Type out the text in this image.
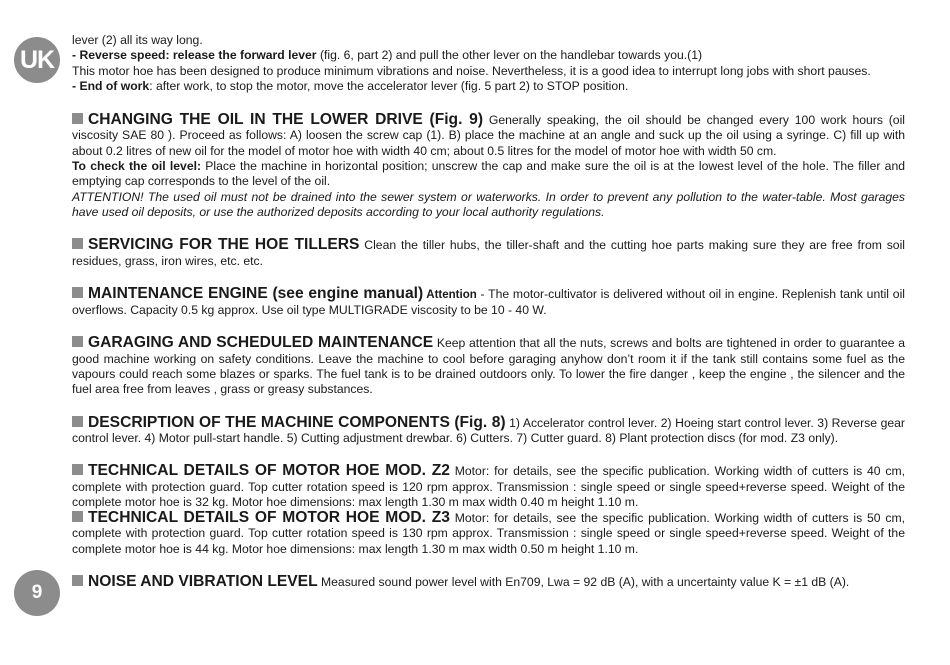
UK
9

lever (2) all its way long.

- Reverse speed: release the forward lever (fig. 6, part 2) and pull the other lever on the handlebar towards you.(1)

This motor hoe has been designed to produce minimum vibrations and noise. Nevertheless, it is a good idea to interrupt long jobs with short pauses.

- End of work: after work, to stop the motor, move the accelerator lever (fig. 5 part 2) to STOP position.

CHANGING THE OIL IN THE LOWER DRIVE (Fig. 9) Generally speaking, the oil should be changed every 100 work hours (oil viscosity SAE 80 ). Proceed as follows: A) loosen the screw cap (1). B) place the machine at an angle and suck up the oil using a syringe. C) fill up with about 0.2 litres of new oil for the model of motor hoe with width 40 cm; about 0.5 litres for the model of motor hoe with width 50 cm.

To check the oil level: Place the machine in horizontal position; unscrew the cap and make sure the oil is at the lowest level of the hole. The filler and emptying cap corresponds to the level of the oil.

ATTENTION! The used oil must not be drained into the sewer system or waterworks. In order to prevent any pollution to the water-table. Most garages have used oil deposits, or use the authorized deposits according to your local authority regulations.

SERVICING FOR THE HOE TILLERS Clean the tiller hubs, the tiller-shaft and the cutting hoe parts making sure they are free from soil residues, grass, iron wires, etc. etc.

MAINTENANCE ENGINE (see engine manual) Attention - The motor-cultivator is delivered without oil in engine. Replenish tank until oil overflows. Capacity 0.5 kg approx. Use oil type MULTIGRADE viscosity to be 10 - 40 W.

GARAGING AND SCHEDULED MAINTENANCE Keep attention that all the nuts, screws and bolts are tightened in order to guarantee a good machine working on safety conditions. Leave the machine to cool before garaging anyhow don’t room it if the tank still contains some fuel as the vapours could reach some blazes or sparks. The fuel tank is to be drained outdoors only. To lower the fire danger , keep the engine , the silencer and the fuel area free from leaves , grass or greasy substances.

DESCRIPTION OF THE MACHINE COMPONENTS (Fig. 8) 1) Accelerator control lever. 2) Hoeing start control lever. 3) Reverse gear control lever. 4) Motor pull-start handle. 5) Cutting adjustment drewbar. 6) Cutters. 7) Cutter guard. 8) Plant protection discs (for mod. Z3 only).

TECHNICAL DETAILS OF MOTOR HOE MOD. Z2 Motor: for details, see the specific publication. Working width of cutters is 40 cm, complete with protection guard. Top cutter rotation speed is 120 rpm approx. Transmission : single speed or single speed+reverse speed. Weight of the complete motor hoe is 32 kg. Motor hoe dimensions: max length 1.30 m max width 0.40 m height 1.10 m.

TECHNICAL DETAILS OF MOTOR HOE MOD. Z3 Motor: for details, see the specific publication. Working width of cutters is 50 cm, complete with protection guard. Top cutter rotation speed is 130 rpm approx. Transmission : single speed or single speed+reverse speed. Weight of the complete motor hoe is 44 kg. Motor hoe dimensions: max length 1.30 m max width 0.50 m height 1.10 m.

NOISE AND VIBRATION LEVEL Measured sound power level with En709, Lwa = 92 dB (A), with a uncertainty value K = ±1 dB (A).
